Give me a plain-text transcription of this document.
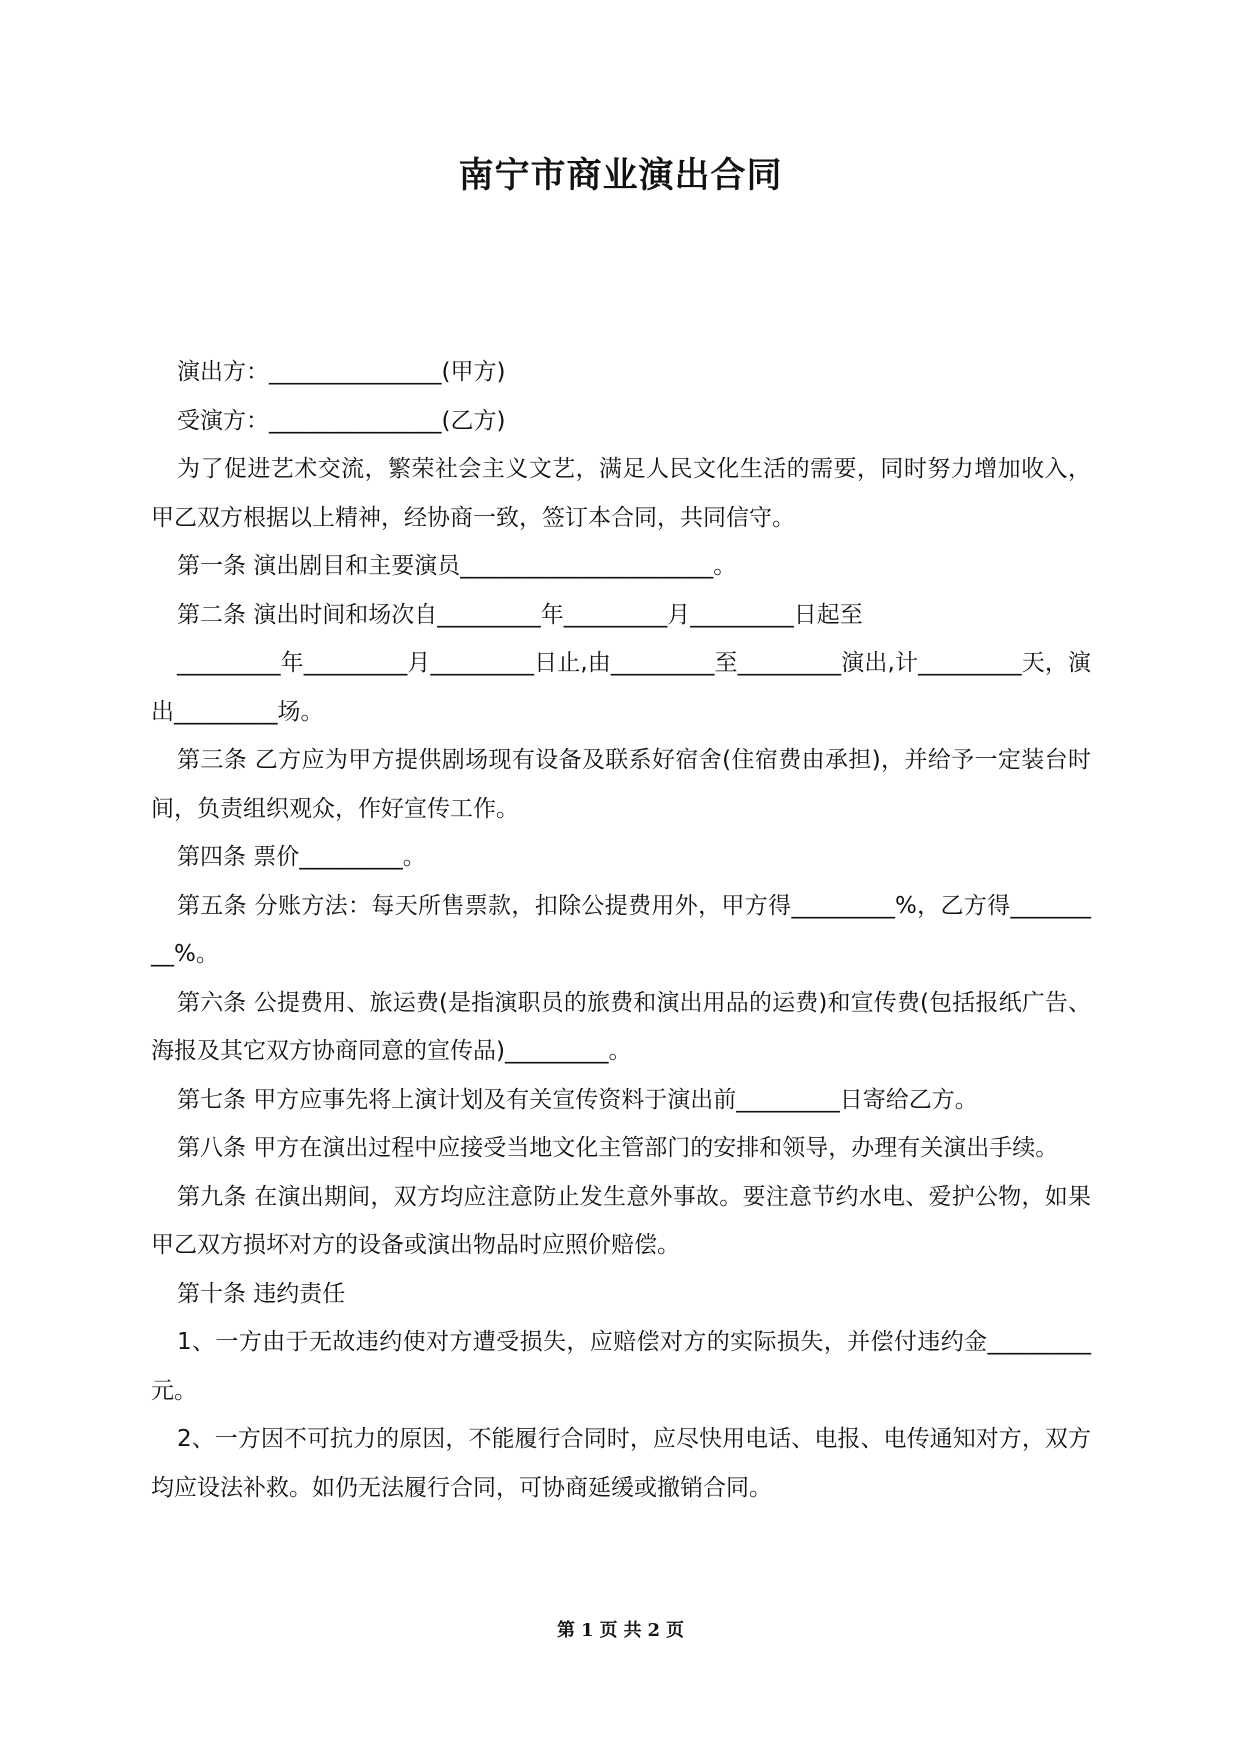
南宁市商业演出合同

演出方：_______________(甲方)

受演方：_______________(乙方)

为了促进艺术交流，繁荣社会主义文艺，满足人民文化生活的需要，同时努力增加收入，甲乙双方根据以上精神，经协商一致，签订本合同，共同信守。

第一条 演出剧目和主要演员______________________。

第二条 演出时间和场次自_________年_________月_________日起至

_________年_________月_________日止,由_________至_________演出,计_________天，演出_________场。

第三条 乙方应为甲方提供剧场现有设备及联系好宿舍(住宿费由承担)，并给予一定装台时间，负责组织观众，作好宣传工作。

第四条 票价_________。

第五条 分账方法：每天所售票款，扣除公提费用外，甲方得_________%，乙方得_________%。

第六条 公提费用、旅运费(是指演职员的旅费和演出用品的运费)和宣传费(包括报纸广告、海报及其它双方协商同意的宣传品)_________。

第七条 甲方应事先将上演计划及有关宣传资料于演出前_________日寄给乙方。

第八条 甲方在演出过程中应接受当地文化主管部门的安排和领导，办理有关演出手续。

第九条 在演出期间，双方均应注意防止发生意外事故。要注意节约水电、爱护公物，如果甲乙双方损坏对方的设备或演出物品时应照价赔偿。

第十条 违约责任

1、一方由于无故违约使对方遭受损失，应赔偿对方的实际损失，并偿付违约金_________元。

2、一方因不可抗力的原因，不能履行合同时，应尽快用电话、电报、电传通知对方，双方均应设法补救。如仍无法履行合同，可协商延缓或撤销合同。

第 1 页 共 2 页
